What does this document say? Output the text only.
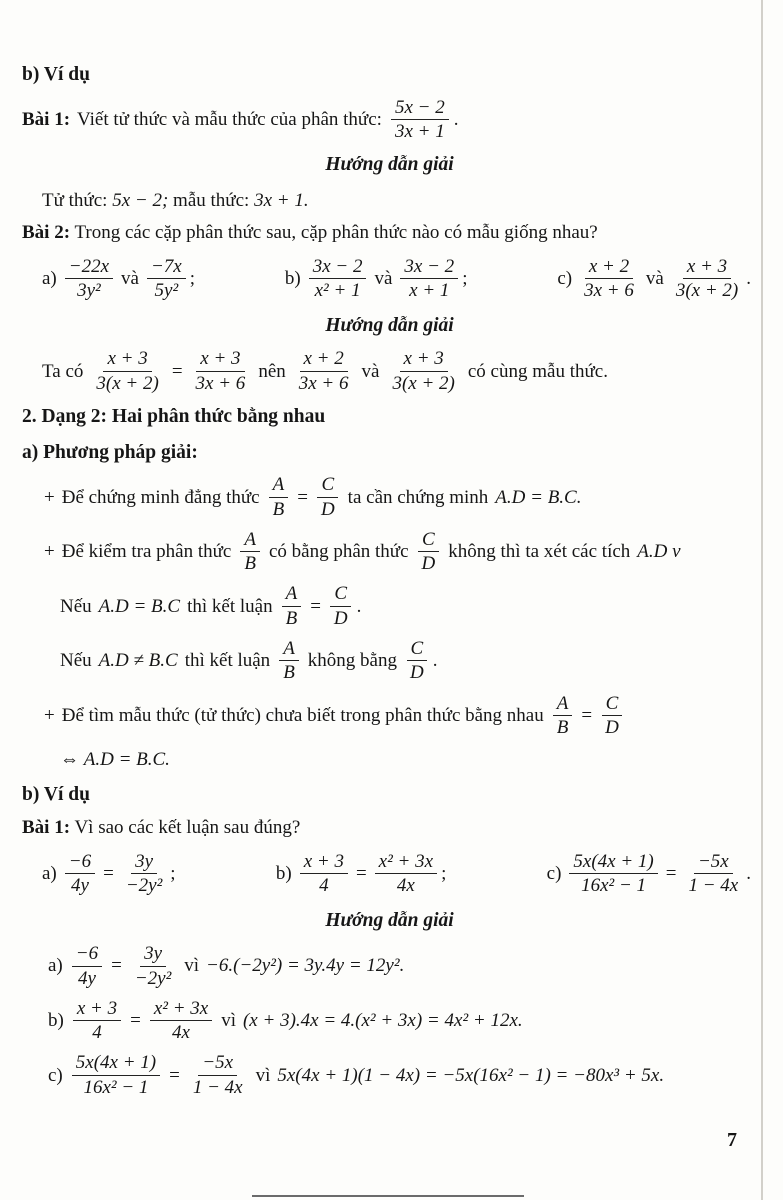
b) Ví dụ

Bài 1: Viết tử thức và mẫu thức của phân thức: $\frac{5x - 2}{3x + 1}$ .

Hướng dẫn giải

Tử thức: 5x − 2; mẫu thức: 3x + 1.
Bài 2: Trong các cặp phân thức sau, cặp phân thức nào có mẫu giống nhau?
$a) \frac{-22x}{\text{3y²}}$ và $\frac{-7x}{\text{5y²}}$ ;	$b) \frac{3x - 2}{\text{x² + 1}}$ và $\frac{3x - 2}{x + 1}$ ;	$c) \frac{x + 2}{3x + 6}$ và $\frac{x + 3}{3(x + 2)}$ .

Hướng dẫn giải

Ta có $\frac{x + 3}{3(x + 2)} = \frac{x + 3}{3x + 6}$ nên $\frac{x + 2}{3x + 6}$ và $\frac{x + 3}{3(x + 2)}$ có cùng mẫu thức.

2. Dạng 2: Hai phân thức bằng nhau

a) Phương pháp giải:

+ Để chứng minh đẳng thức $\frac{A}{B} = \frac{C}{D}$ ta cần chứng minh A.D = B.C.
+ Để kiểm tra phân thức $\frac{A}{B}$ có bằng phân thức $\frac{C}{D}$ không thì ta xét các tích A.D v
Nếu A.D = B.C thì kết luận $\frac{A}{B} = \frac{C}{D}$ .
Nếu A.D ≠ B.C thì kết luận $\frac{A}{B}$ không bằng $\frac{C}{D}$ .
+ Để tìm mẫu thức (tử thức) chưa biết trong phân thức bằng nhau $\frac{A}{B} = \frac{C}{D}$
⇔ A.D = B.C.

b) Ví dụ

Bài 1: Vì sao các kết luận sau đúng?
$a) \frac{-6}{4y} = \frac{3y}{\text{−2y²}}$ ;	$b) \frac{x + 3}{4} = \frac{\text{x² + 3x}}{4x}$ ;	$c) \frac{5x(4x + 1)}{\text{16x² − 1}} = \frac{-5x}{1 - 4x}$ .

Hướng dẫn giải

$a) \frac{-6}{4y} = \frac{3y}{\text{−2y²}}$ vì −6.(−2y²) = 3y.4y = 12y².
$b) \frac{x + 3}{4} = \frac{\text{x² + 3x}}{4x}$ vì (x + 3).4x = 4.(x² + 3x) = 4x² + 12x.
$c) \frac{5x(4x + 1)}{\text{16x² − 1}} = \frac{-5x}{1 - 4x}$ vì 5x(4x + 1)(1 − 4x) = −5x(16x² − 1) = −80x³ + 5x.
7
